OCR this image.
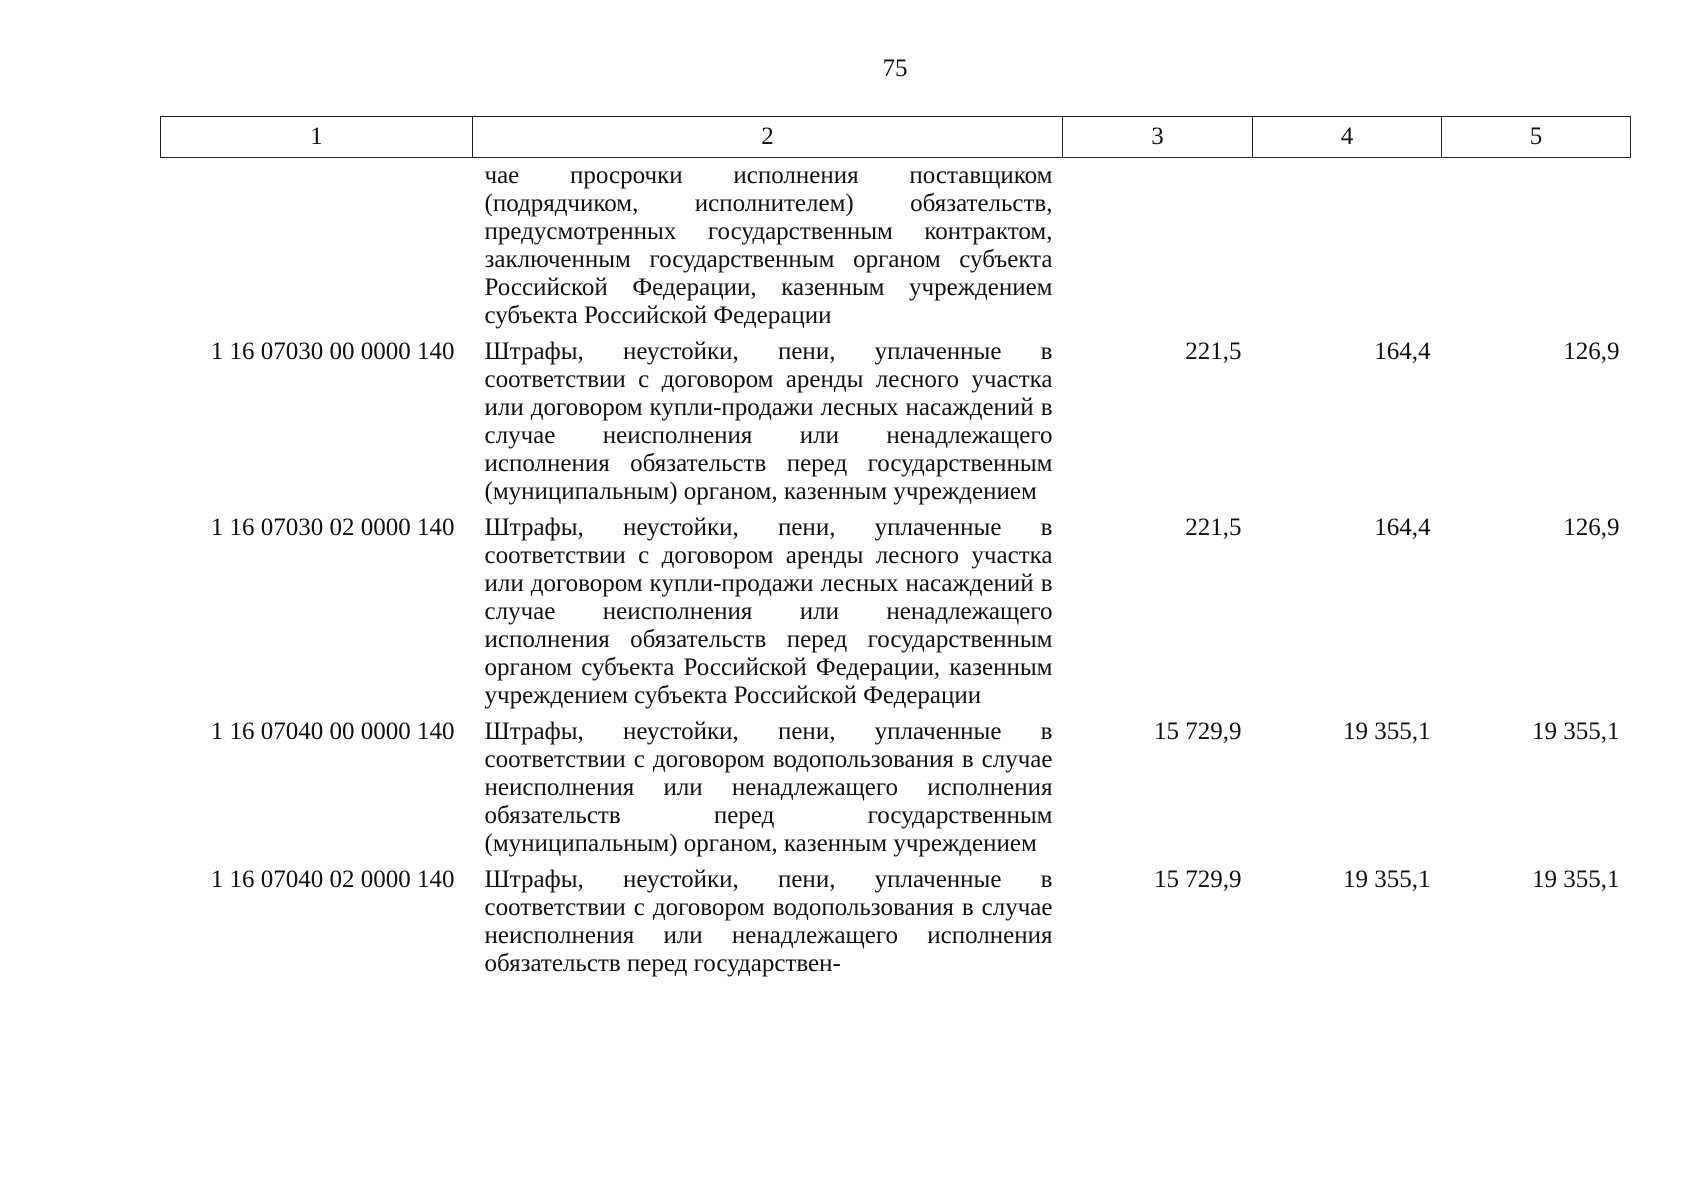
75
1	2	3	4	5
	чае просрочки исполнения поставщиком (подрядчиком, исполнителем) обязательств, предусмотренных государственным контрактом, заключенным государственным органом субъекта Российской Федерации, казенным учреждением субъекта Российской Федерации			
1 16 07030 00 0000 140	Штрафы, неустойки, пени, уплаченные в соответствии с договором аренды лесного участка или договором купли-продажи лесных насаждений в случае неисполнения или ненадлежащего исполнения обязательств перед государственным (муниципальным) органом, казенным учреждением	221,5	164,4	126,9
1 16 07030 02 0000 140	Штрафы, неустойки, пени, уплаченные в соответствии с договором аренды лесного участка или договором купли-продажи лесных насаждений в случае неисполнения или ненадлежащего исполнения обязательств перед государственным органом субъекта Российской Федерации, казенным учреждением субъекта Российской Федерации	221,5	164,4	126,9
1 16 07040 00 0000 140	Штрафы, неустойки, пени, уплаченные в соответствии с договором водопользования в случае неисполнения или ненадлежащего исполнения обязательств перед государственным (муниципальным) органом, казенным учреждением	15 729,9	19 355,1	19 355,1
1 16 07040 02 0000 140	Штрафы, неустойки, пени, уплаченные в соответствии с договором водопользования в случае неисполнения или ненадлежащего исполнения обязательств перед государствен-	15 729,9	19 355,1	19 355,1
